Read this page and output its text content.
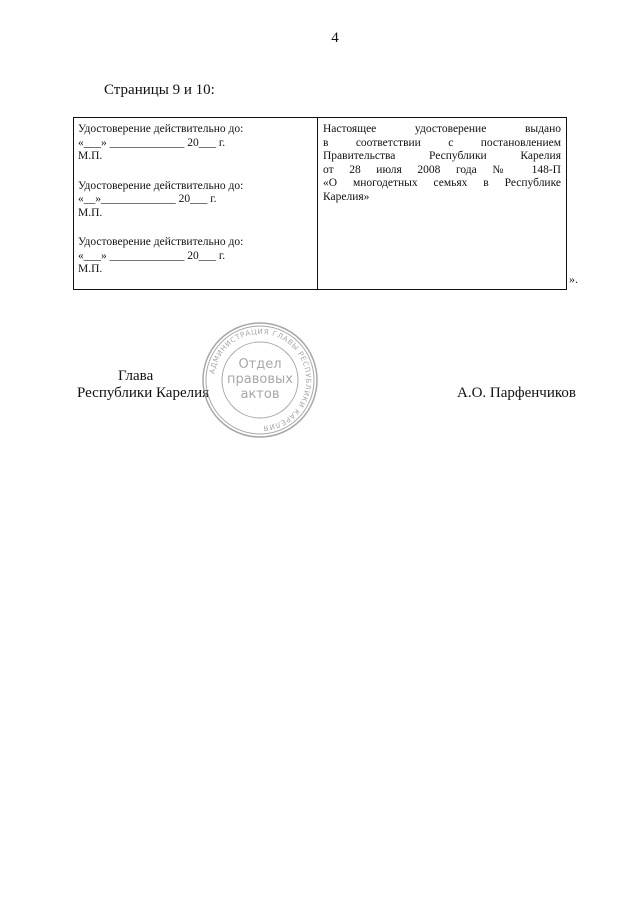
4
Страницы 9 и 10:
Удостоверение действительно до:
«___» _____________ 20___ г.
М.П.
Удостоверение действительно до:
«__»_____________ 20___ г.
М.П.
Удостоверение действительно до:
«___» _____________ 20___ г.
М.П.
Настоящее удостоверение выдано
в соответствии с постановлением
Правительства Республики Карелия
от 28 июля 2008 года № 148-П
«О многодетных семьях в Республике
Карелия»
».
Глава
Республики Карелия	А.О. Парфенчиков
АДМИНИСТРАЦИЯ ГЛАВЫ РЕСПУБЛИКИ КАРЕЛИЯ
Отдел
правовых
актов
